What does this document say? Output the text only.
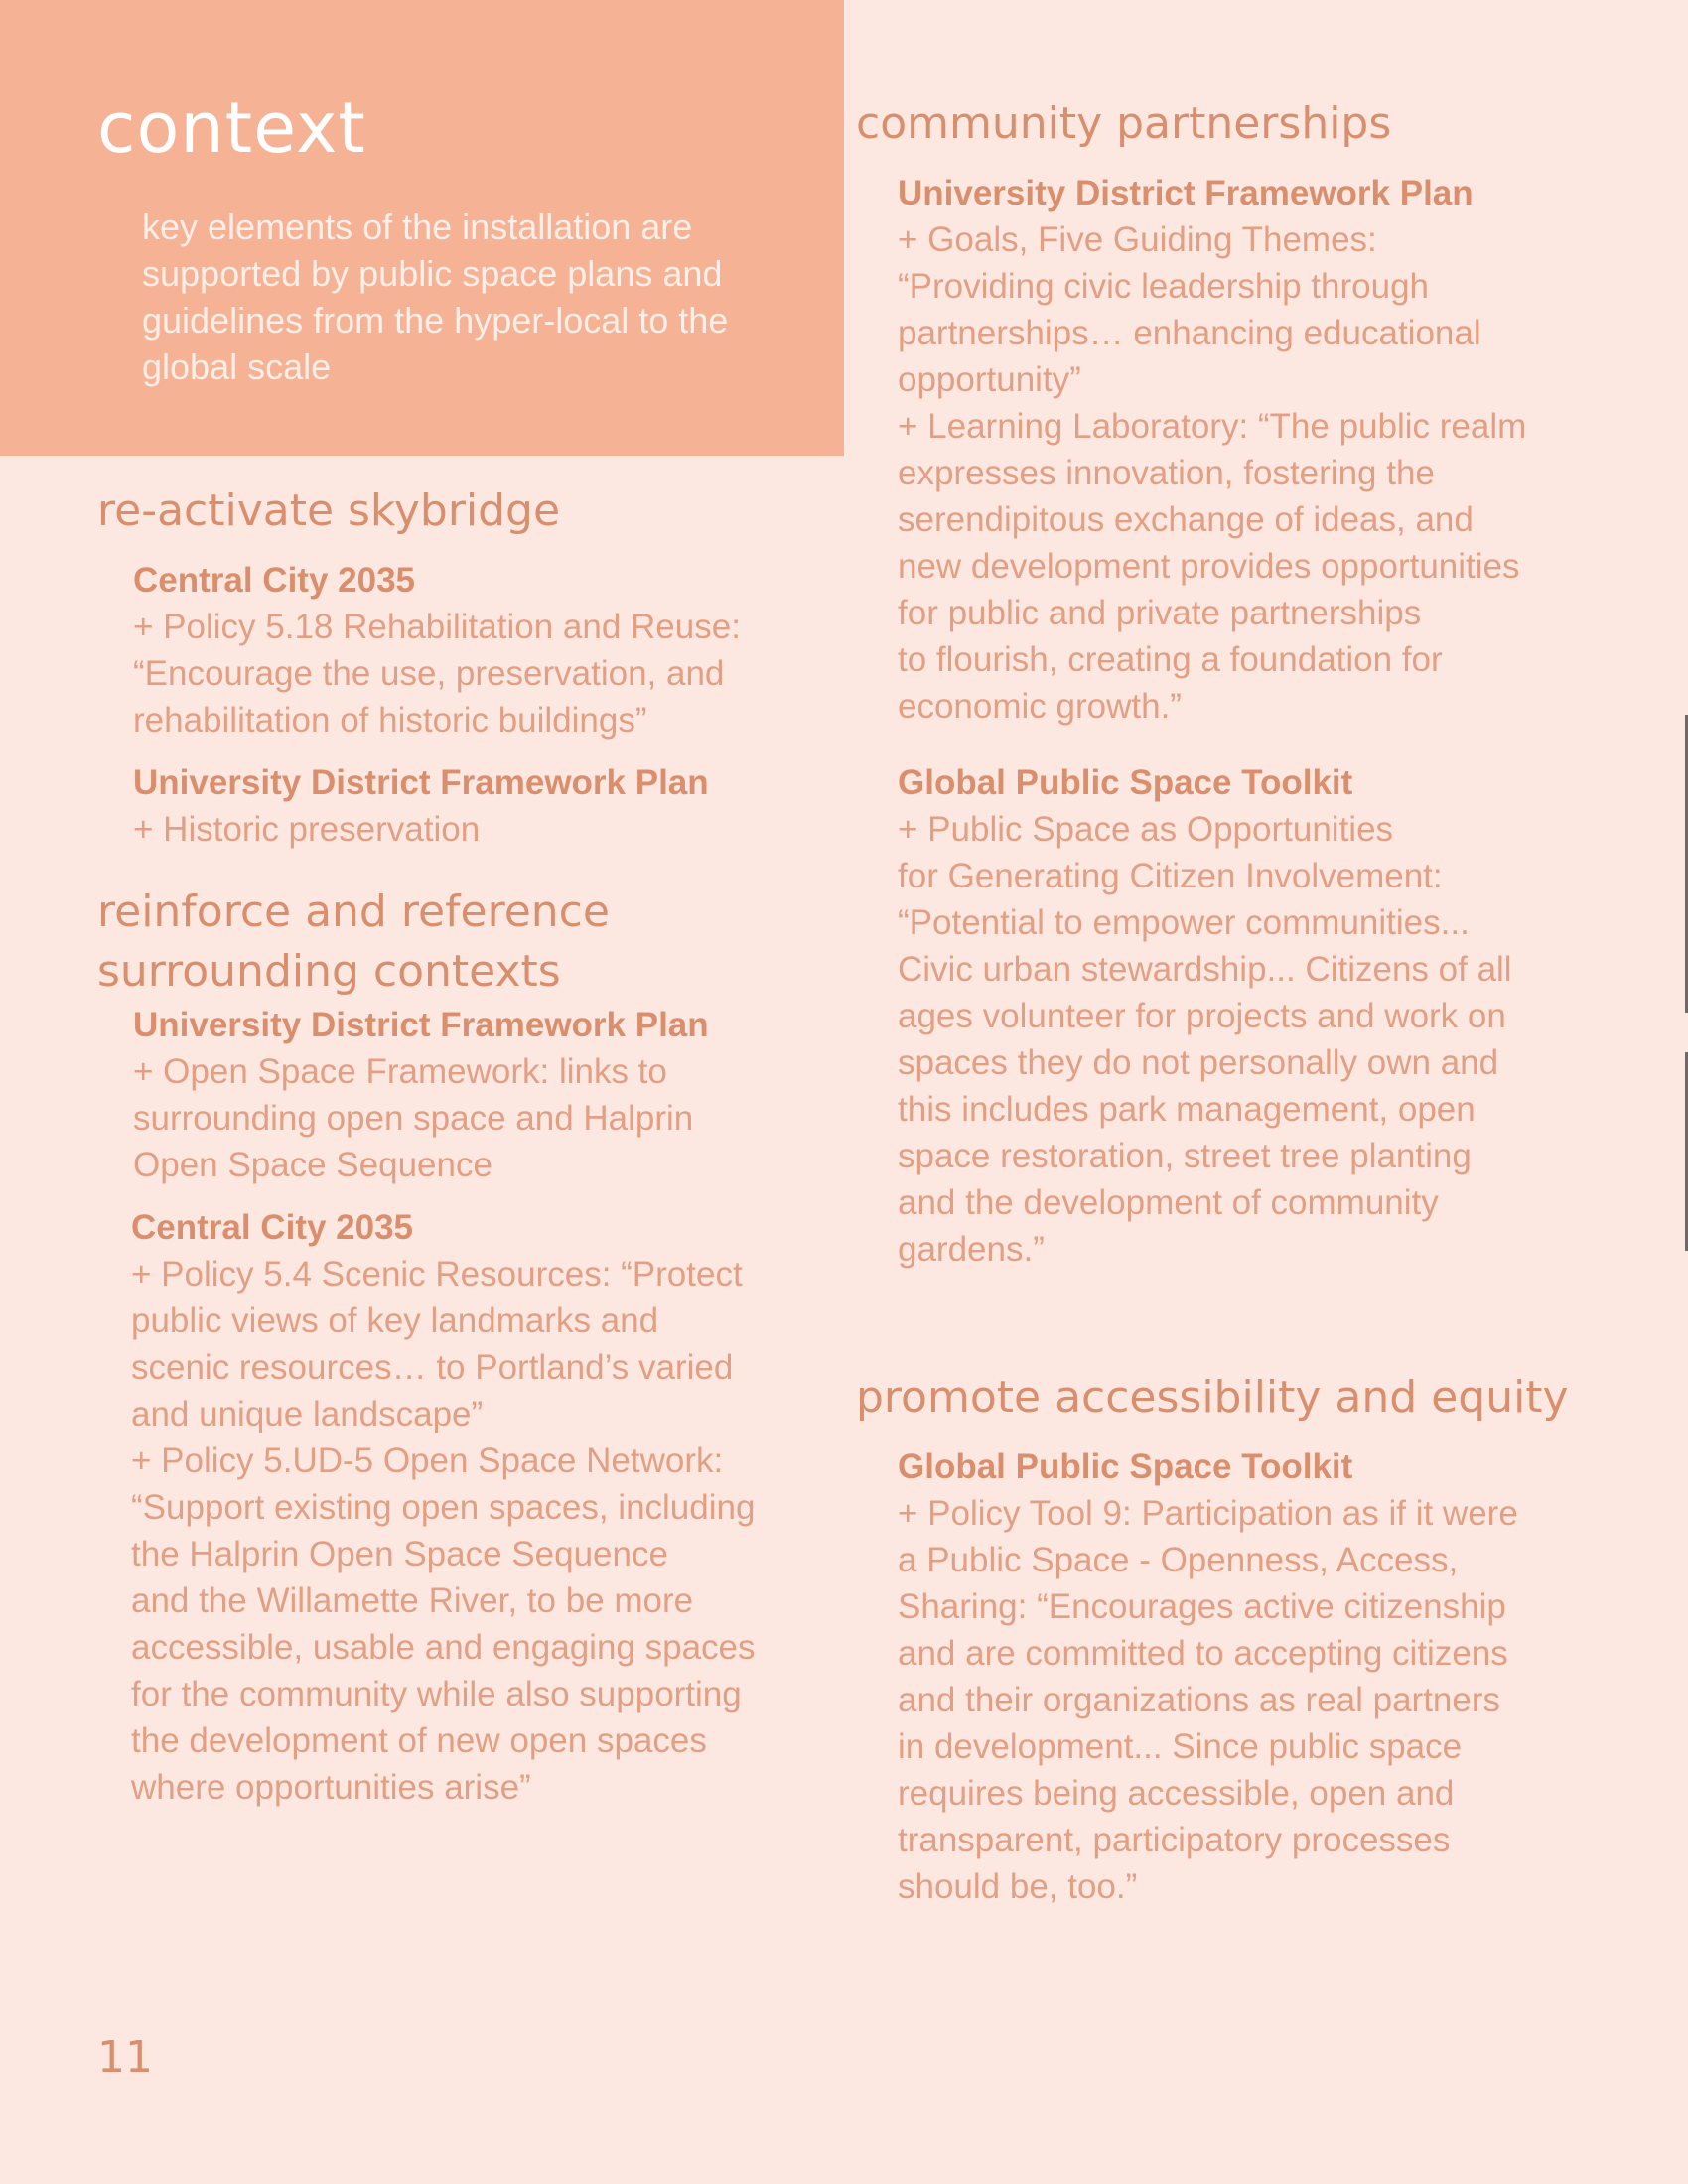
context

key elements of the installation are supported by public space plans and guidelines from the hyper-local to the global scale

re-activate skybridge
Central City 2035

+ Policy 5.18 Rehabilitation and Reuse:
“Encourage the use, preservation, and
rehabilitation of historic buildings”

University District Framework Plan

+ Historic preservation

reinforce and reference
surrounding contexts
University District Framework Plan

+ Open Space Framework: links to
surrounding open space and Halprin
Open Space Sequence

Central City 2035

+ Policy 5.4 Scenic Resources: “Protect
public views of key landmarks and
scenic resources… to Portland’s varied
and unique landscape”
+ Policy 5.UD-5 Open Space Network:
“Support existing open spaces, including
the Halprin Open Space Sequence
and the Willamette River, to be more
accessible, usable and engaging spaces
for the community while also supporting
the development of new open spaces
where opportunities arise”

community partnerships
University District Framework Plan

+ Goals, Five Guiding Themes:
“Providing civic leadership through
partnerships… enhancing educational
opportunity”
+ Learning Laboratory: “The public realm
expresses innovation, fostering the
serendipitous exchange of ideas, and
new development provides opportunities
for public and private partnerships
to flourish, creating a foundation for
economic growth.”

Global Public Space Toolkit

+ Public Space as Opportunities
for Generating Citizen Involvement:
“Potential to empower communities...
Civic urban stewardship... Citizens of all
ages volunteer for projects and work on
spaces they do not personally own and
this includes park management, open
space restoration, street tree planting
and the development of community
gardens.”

promote accessibility and equity
Global Public Space Toolkit

+ Policy Tool 9: Participation as if it were
a Public Space - Openness, Access,
Sharing: “Encourages active citizenship
and are committed to accepting citizens
and their organizations as real partners
in development... Since public space
requires being accessible, open and
transparent, participatory processes
should be, too.”

11
